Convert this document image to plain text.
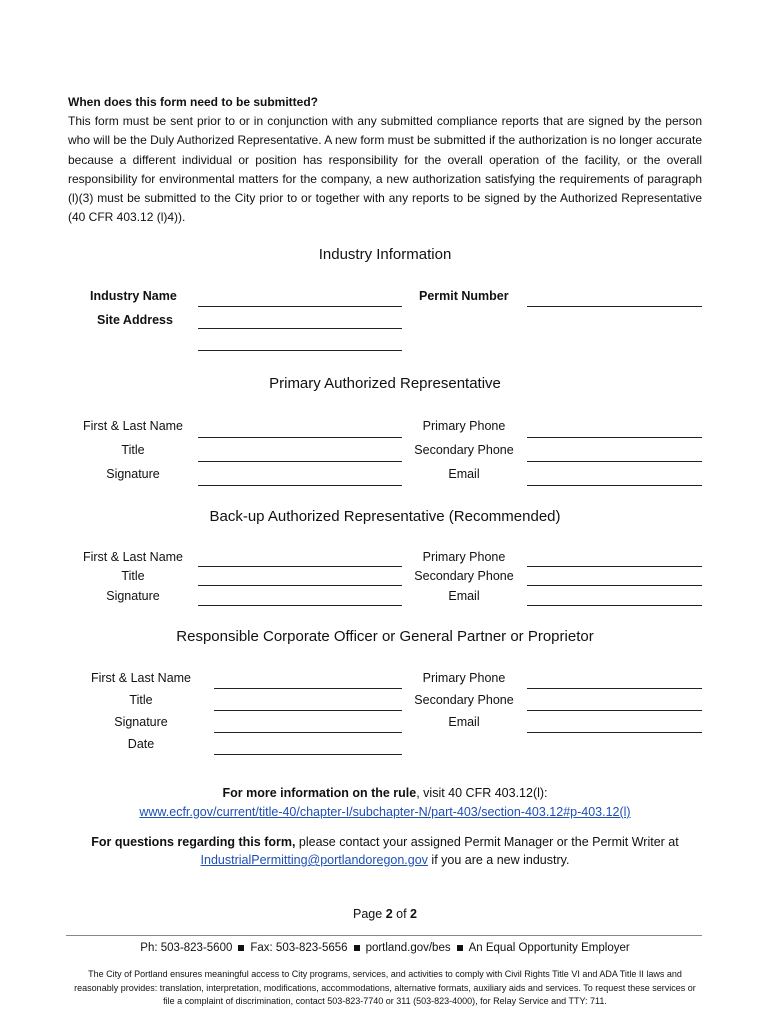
When does this form need to be submitted?
This form must be sent prior to or in conjunction with any submitted compliance reports that are signed by the person who will be the Duly Authorized Representative. A new form must be submitted if the authorization is no longer accurate because a different individual or position has responsibility for the overall operation of the facility, or the overall responsibility for environmental matters for the company, a new authorization satisfying the requirements of paragraph (l)(3) must be submitted to the City prior to or together with any reports to be signed by the Authorized Representative (40 CFR 403.12 (l)4)).
Industry Information
Industry Name	Permit Number
Site Address
Primary Authorized Representative
First & Last Name
Title
Signature
Primary Phone
Secondary Phone
Email
Back-up Authorized Representative (Recommended)
First & Last Name
Title
Signature
Primary Phone
Secondary Phone
Email
Responsible Corporate Officer or General Partner or Proprietor
First & Last Name
Title
Signature
Date
Primary Phone
Secondary Phone
Email
For more information on the rule, visit 40 CFR 403.12(l):
www.ecfr.gov/current/title-40/chapter-I/subchapter-N/part-403/section-403.12#p-403.12(l)
For questions regarding this form, please contact your assigned Permit Manager or the Permit Writer at
IndustrialPermitting@portlandoregon.gov if you are a new industry.
Page 2 of 2
Ph: 503-823-5600 Fax: 503-823-5656 portland.gov/bes An Equal Opportunity Employer
The City of Portland ensures meaningful access to City programs, services, and activities to comply with Civil Rights Title VI and ADA Title II laws and reasonably provides: translation, interpretation, modifications, accommodations, alternative formats, auxiliary aids and services. To request these services or file a complaint of discrimination, contact 503-823-7740 or 311 (503-823-4000), for Relay Service and TTY: 711.
